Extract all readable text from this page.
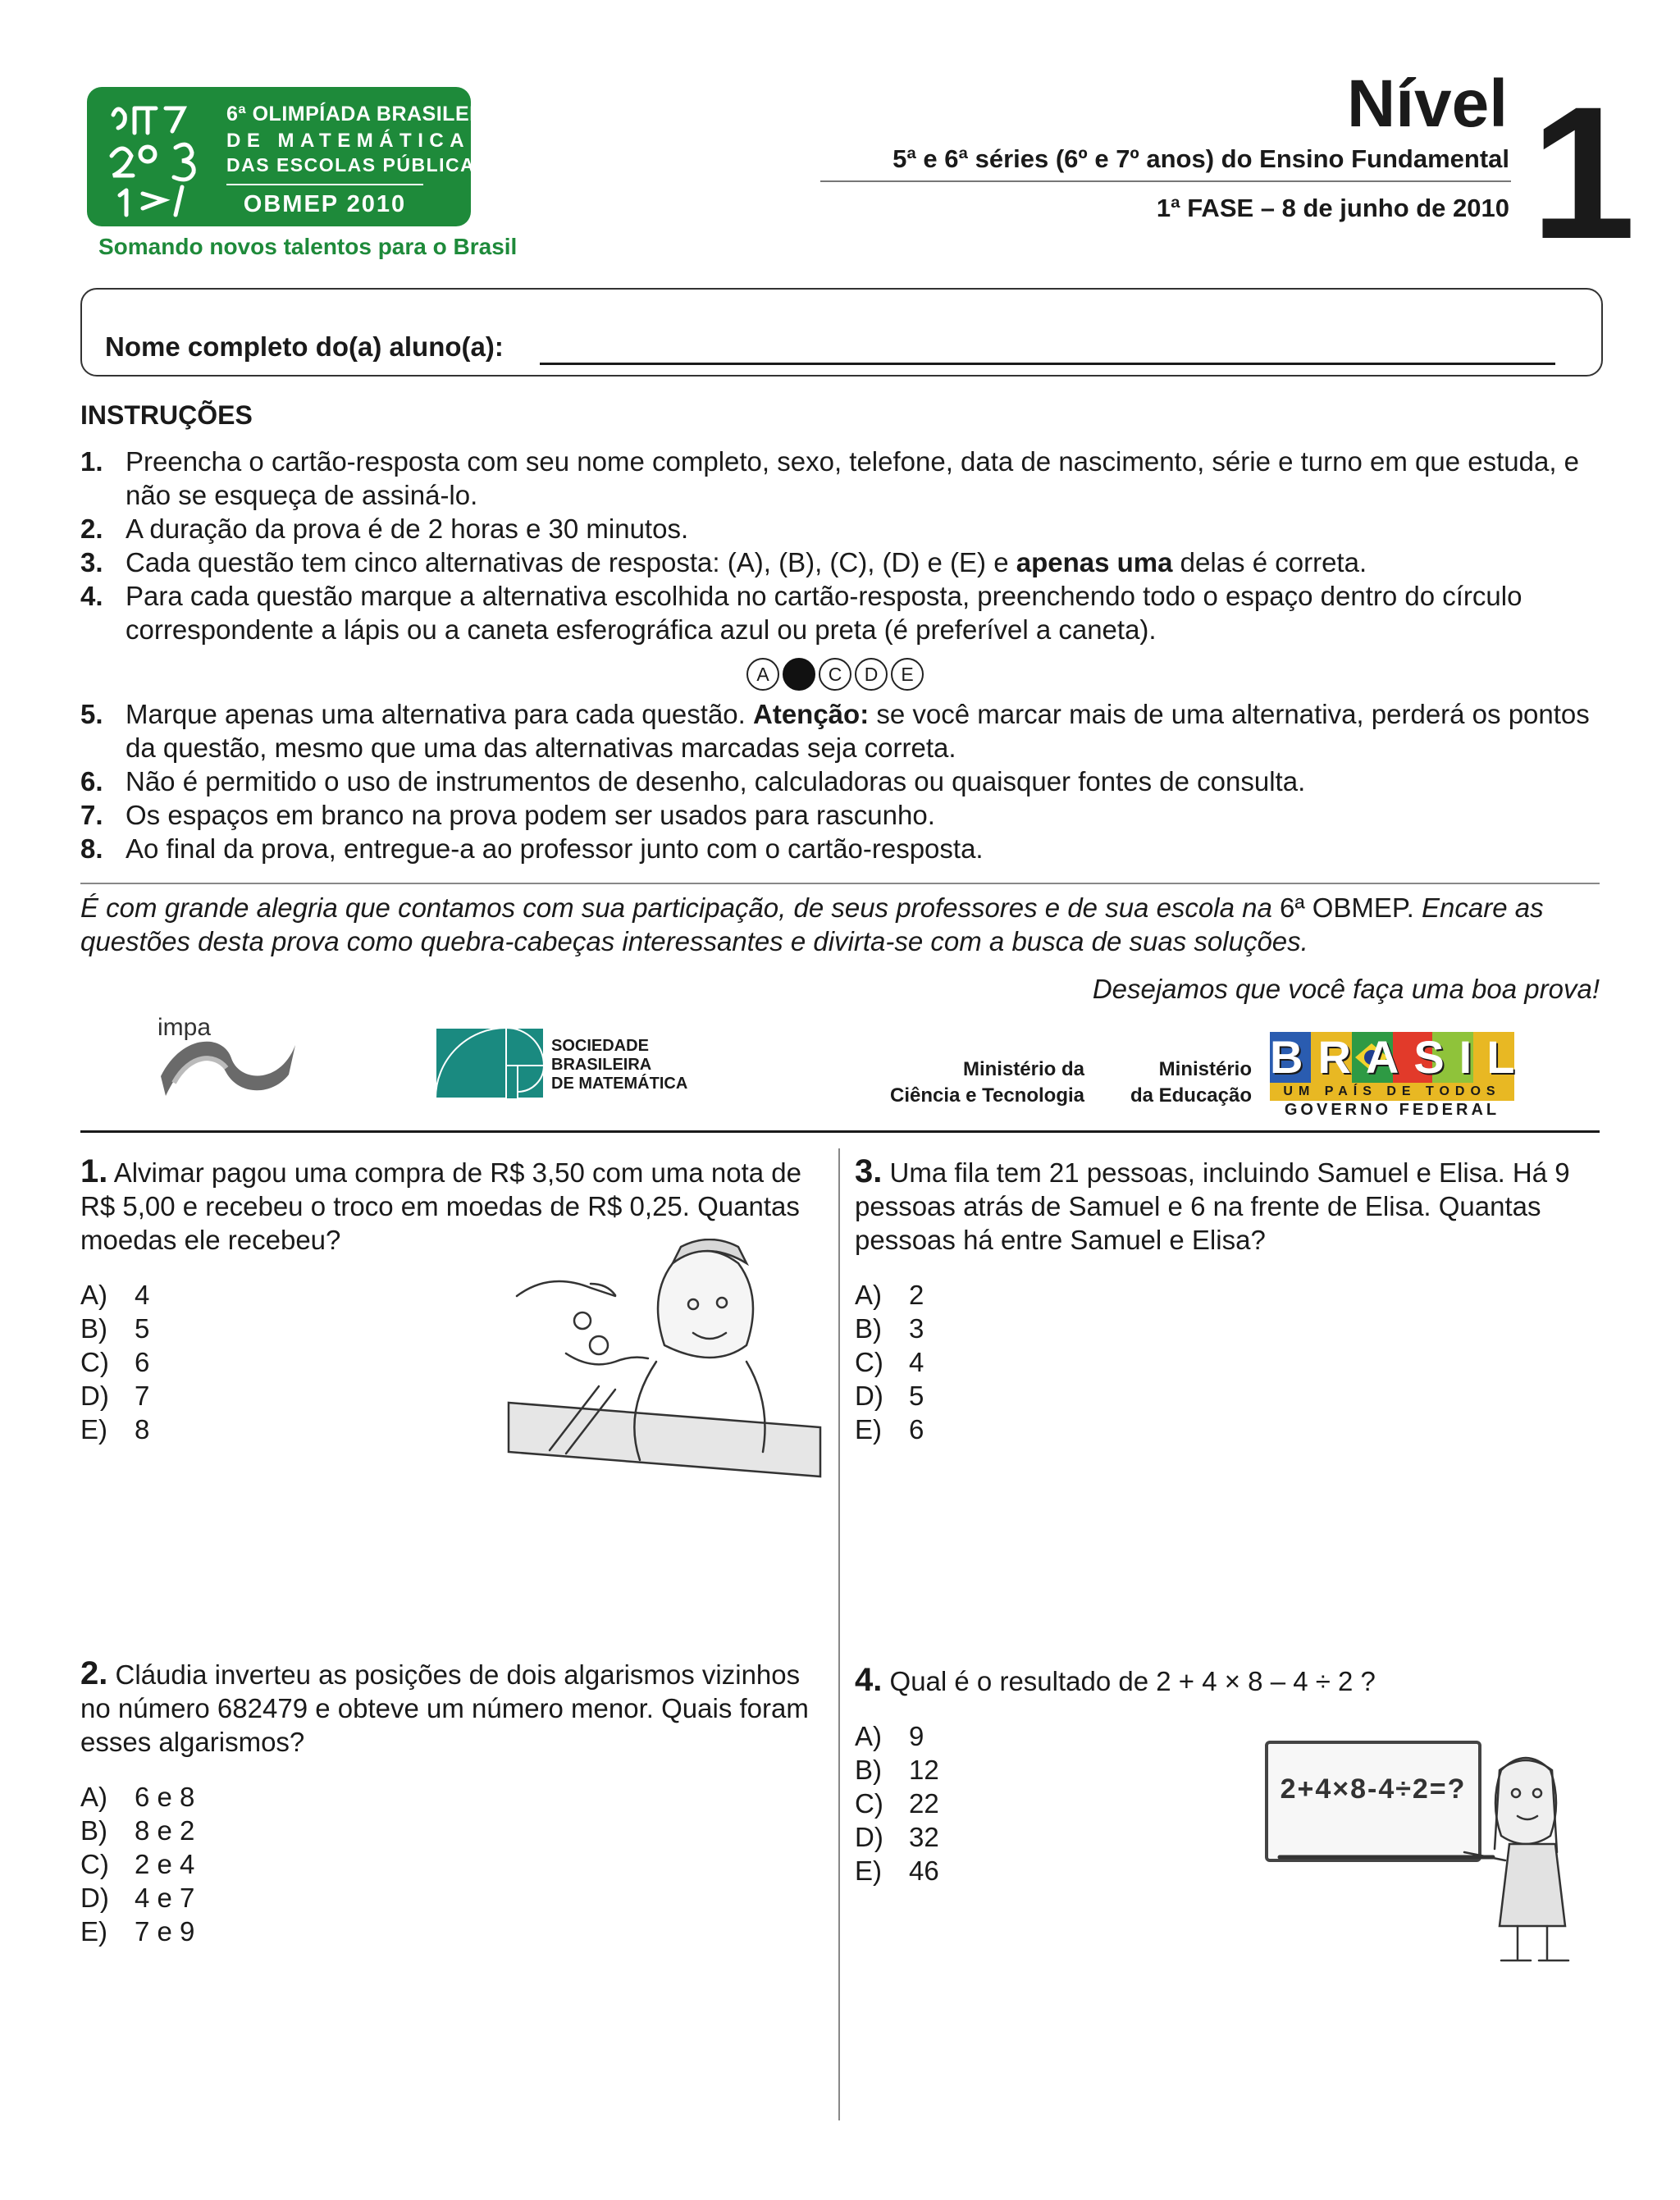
6ª OLIMPÍADA BRASILEIRA
DE MATEMÁTICA
DAS ESCOLAS PÚBLICAS
OBMEP 2010
Somando novos talentos para o Brasil
Nível 1
5ª e 6ª séries (6º e 7º anos) do Ensino Fundamental
1ª FASE – 8 de junho de 2010
Nome completo do(a) aluno(a):
INSTRUÇÕES
1. Preencha o cartão-resposta com seu nome completo, sexo, telefone, data de nascimento, série e turno em que estuda, e não se esqueça de assiná-lo.
2. A duração da prova é de 2 horas e 30 minutos.
3. Cada questão tem cinco alternativas de resposta: (A), (B), (C), (D) e (E) e apenas uma delas é correta.
4. Para cada questão marque a alternativa escolhida no cartão-resposta, preenchendo todo o espaço dentro do círculo correspondente a lápis ou a caneta esferográfica azul ou preta (é preferível a caneta).
A	C	D	E
5. Marque apenas uma alternativa para cada questão. Atenção: se você marcar mais de uma alternativa, perderá os pontos da questão, mesmo que uma das alternativas marcadas seja correta.
6. Não é permitido o uso de instrumentos de desenho, calculadoras ou quaisquer fontes de consulta.
7. Os espaços em branco na prova podem ser usados para rascunho.
8. Ao final da prova, entregue-a ao professor junto com o cartão-resposta.
É com grande alegria que contamos com sua participação, de seus professores e de sua escola na 6ª OBMEP. Encare as questões desta prova como quebra-cabeças interessantes e divirta-se com a busca de suas soluções.
Desejamos que você faça uma boa prova!
impa
SOCIEDADE
BRASILEIRA
DE MATEMÁTICA
Ministério da
Ciência e Tecnologia
Ministério
da Educação
BRASIL
UM PAÍS DE TODOS
GOVERNO FEDERAL
1. Alvimar pagou uma compra de R$ 3,50 com uma nota de R$ 5,00 e recebeu o troco em moedas de R$ 0,25. Quantas moedas ele recebeu?
A)	4
B)	5
C) 6
D) 7
E)	8
2. Cláudia inverteu as posições de dois algarismos vizinhos no número 682479 e obteve um número menor. Quais foram esses algarismos?
A)	6 e 8
B)	8 e 2
C) 2 e 4
D) 4 e 7
E)	7 e 9
3. Uma fila tem 21 pessoas, incluindo Samuel e Elisa. Há 9 pessoas atrás de Samuel e 6 na frente de Elisa. Quantas pessoas há entre Samuel e Elisa?
A)	2
B)	3
C) 4
D) 5
E)	6
4. Qual é o resultado de 2 + 4 × 8 – 4 ÷ 2 ?
A)	9
B)	12
C) 22
D) 32
E)	46
2+4×8-4÷2=?
